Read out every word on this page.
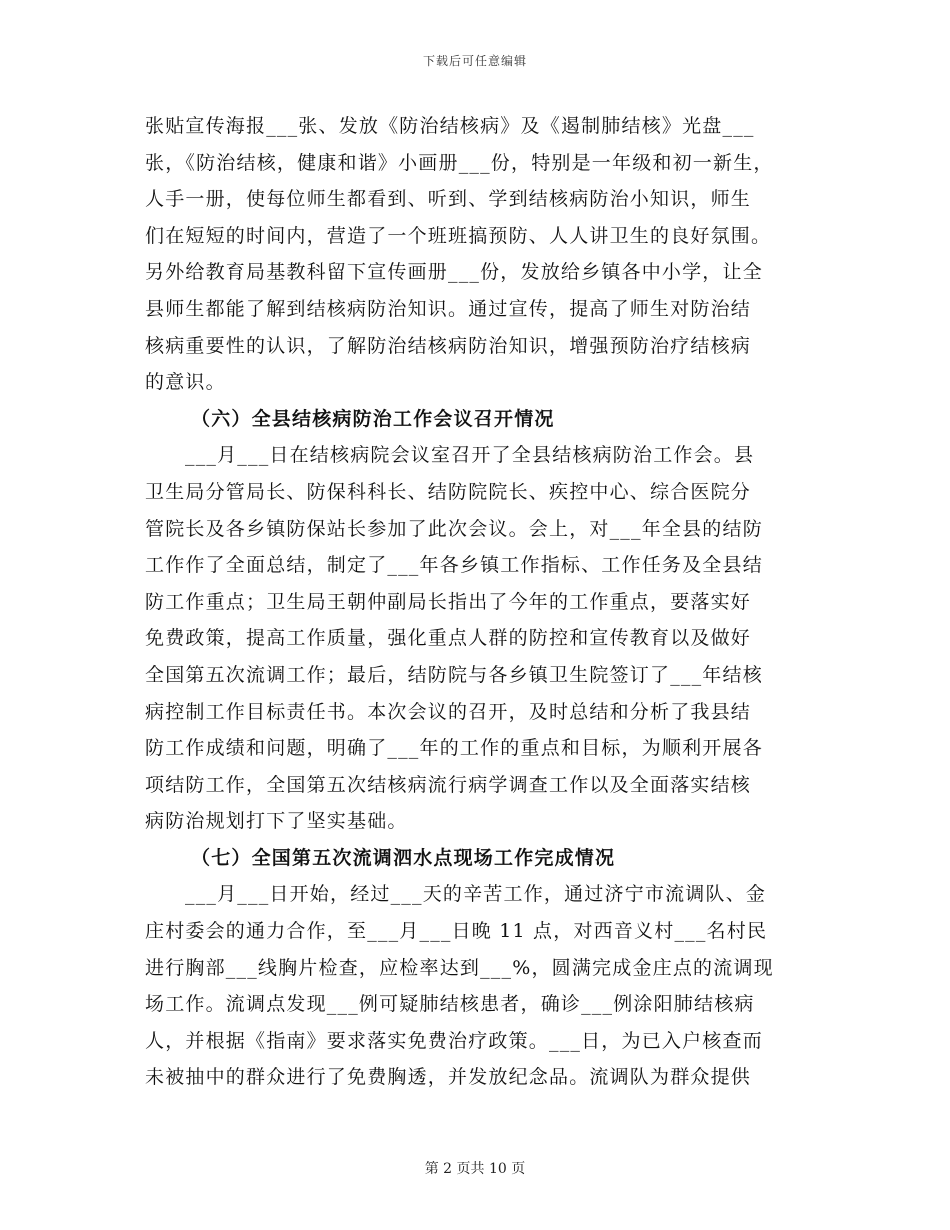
下载后可任意编辑
张贴宣传海报___张、发放《防治结核病》及《遏制肺结核》光盘___
张，《防治结核，健康和谐》小画册___份，特别是一年级和初一新生，
人手一册，使每位师生都看到、听到、学到结核病防治小知识，师生
们在短短的时间内，营造了一个班班搞预防、人人讲卫生的良好氛围。
另外给教育局基教科留下宣传画册___份，发放给乡镇各中小学，让全
县师生都能了解到结核病防治知识。通过宣传，提高了师生对防治结
核病重要性的认识，了解防治结核病防治知识，增强预防治疗结核病
的意识。
（六）全县结核病防治工作会议召开情况
___月___日在结核病院会议室召开了全县结核病防治工作会。县
卫生局分管局长、防保科科长、结防院院长、疾控中心、综合医院分
管院长及各乡镇防保站长参加了此次会议。会上，对___年全县的结防
工作作了全面总结，制定了___年各乡镇工作指标、工作任务及全县结
防工作重点；卫生局王朝仲副局长指出了今年的工作重点，要落实好
免费政策，提高工作质量，强化重点人群的防控和宣传教育以及做好
全国第五次流调工作；最后，结防院与各乡镇卫生院签订了___年结核
病控制工作目标责任书。本次会议的召开，及时总结和分析了我县结
防工作成绩和问题，明确了___年的工作的重点和目标，为顺利开展各
项结防工作，全国第五次结核病流行病学调查工作以及全面落实结核
病防治规划打下了坚实基础。
（七）全国第五次流调泗水点现场工作完成情况
___月___日开始，经过___天的辛苦工作，通过济宁市流调队、金
庄村委会的通力合作，至___月___日晚 11 点，对西音义村___名村民
进行胸部___线胸片检查，应检率达到___%，圆满完成金庄点的流调现
场工作。流调点发现___例可疑肺结核患者，确诊___例涂阳肺结核病
人，并根据《指南》要求落实免费治疗政策。___日，为已入户核查而
未被抽中的群众进行了免费胸透，并发放纪念品。流调队为群众提供
第 2 页共 10 页
